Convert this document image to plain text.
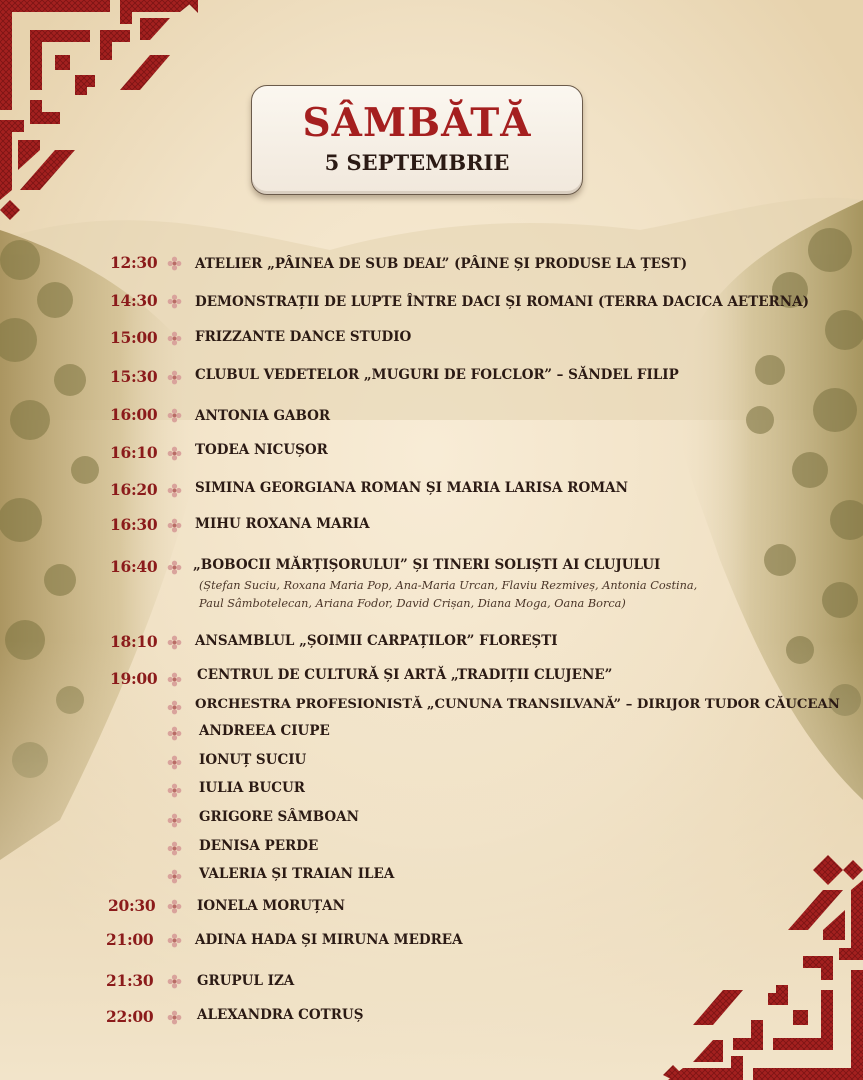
SÂMBĂTĂ
5 SEPTEMBRIE
12:30	ATELIER „PÂINEA DE SUB DEAL” (PÂINE ȘI PRODUSE LA ȚEST)
14:30	DEMONSTRAȚII DE LUPTE ÎNTRE DACI ȘI ROMANI (TERRA DACICA AETERNA)
15:00	FRIZZANTE DANCE STUDIO
15:30	CLUBUL VEDETELOR „MUGURI DE FOLCLOR” – SĂNDEL FILIP
16:00	ANTONIA GABOR
16:10	TODEA NICUȘOR
16:20	SIMINA GEORGIANA ROMAN ȘI MARIA LARISA ROMAN
16:30	MIHU ROXANA MARIA
16:40	„BOBOCII MĂRȚIȘORULUI” ȘI TINERI SOLIȘTI AI CLUJULUI
(Ștefan Suciu, Roxana Maria Pop, Ana-Maria Urcan, Flaviu Rezmiveș, Antonia Costina,
Paul Sâmbotelecan, Ariana Fodor, David Crișan, Diana Moga, Oana Borca)
18:10	ANSAMBLUL „ȘOIMII CARPAȚILOR” FLOREȘTI
19:00	CENTRUL DE CULTURĂ ȘI ARTĂ „TRADIȚII CLUJENE”
ORCHESTRA PROFESIONISTĂ „CUNUNA TRANSILVANĂ” – DIRIJOR TUDOR CĂUCEAN
ANDREEA CIUPE
IONUȚ SUCIU
IULIA BUCUR
GRIGORE SÂMBOAN
DENISA PERDE
VALERIA ȘI TRAIAN ILEA
20:30	IONELA MORUȚAN
21:00	ADINA HADA ȘI MIRUNA MEDREA
21:30	GRUPUL IZA
22:00	ALEXANDRA COTRUȘ
